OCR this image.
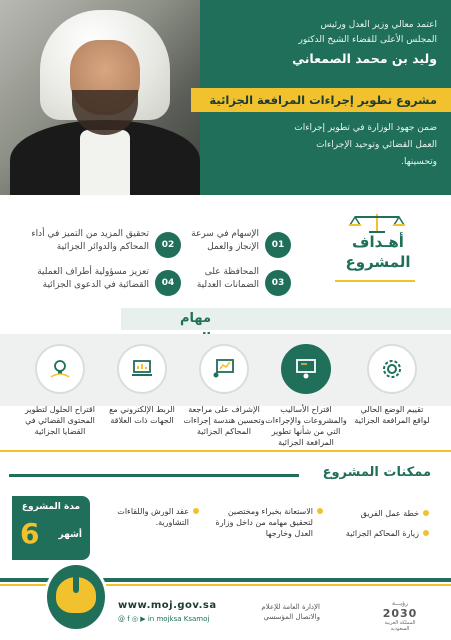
اعتمد معالي وزير العدل ورئيس
المجلس الأعلى للقضاء الشيخ الدكتور
وليد بن محمد الصمعاني
مشروع تطوير إجراءات المرافعة الجزائية
ضمن جهود الوزارة في تطوير إجراءات
العمل القضائي وتوحيد الإجراءات
وتحسينها.
أهـداف
المشروع
01
الإسهام في سرعة الإنجاز والعمل
02
تحقيق المزيد من التميز في أداء المحاكم والدوائر الجزائية
03
المحافظة على الضمانات العدلية
04
تعزيز مسؤولية أطراف العملية القضائية في الدعوى الجزائية
مهام
تقييم الوضع الحالي لواقع المرافعة الجزائية
اقتراح الأساليب والمشروعات والإجراءات التي من شأنها تطوير المرافعة الجزائية
الإشراف على مراجعة وتحسين هندسة إجراءات المحاكم الجزائية
الربط الإلكتروني مع الجهات ذات العلاقة
اقتراح الحلول لتطوير المحتوى القضائي في القضايا الجزائية
ممكنات المشروع
خطة عمل الفريق
زيارة المحاكم الجزائية
الاستعانة بخبراء ومختصين لتحقيق مهامه من داخل وزارة العدل وخارجها
عقد الورش واللقاءات التشاورية.
مدة المشروع
6 أشهر
www.moj.gov.sa
@ f ◎ ▶ in mojksa Ksamoj
الإدارة العامة للإعلام
والاتصال المؤسسي
رؤيـــة
2030
المملكة العربية السعودية
